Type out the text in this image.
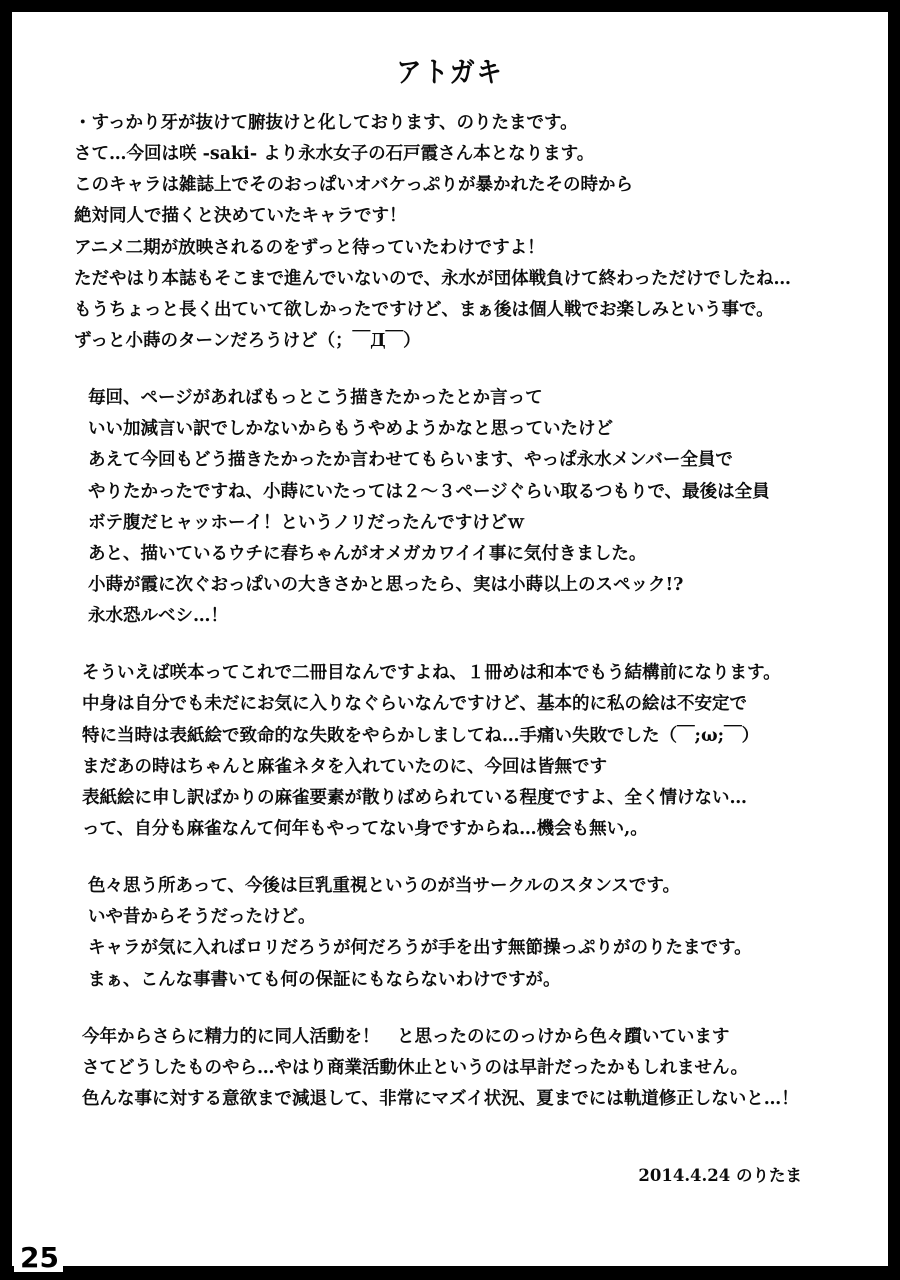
アトガキ
・すっかり牙が抜けて腑抜けと化しております、のりたまです。
さて…今回は咲 -saki- より永水女子の石戸霞さん本となります。
このキャラは雑誌上でそのおっぱいオバケっぷりが暴かれたその時から
絶対同人で描くと決めていたキャラです！
アニメ二期が放映されるのをずっと待っていたわけですよ！
ただやはり本誌もそこまで進んでいないので、永水が団体戦負けて終わっただけでしたね…
もうちょっと長く出ていて欲しかったですけど、まぁ後は個人戦でお楽しみという事で。
ずっと小蒔のターンだろうけど（；￣Д￣）
毎回、ページがあればもっとこう描きたかったとか言って
いい加減言い訳でしかないからもうやめようかなと思っていたけど
あえて今回もどう描きたかったか言わせてもらいます、やっぱ永水メンバー全員で
やりたかったですね、小蒔にいたっては２〜３ページぐらい取るつもりで、最後は全員
ボテ腹だヒャッホーイ！というノリだったんですけどｗ
あと、描いているウチに春ちゃんがオメガカワイイ事に気付きました。
小蒔が霞に次ぐおっぱいの大きさかと思ったら、実は小蒔以上のスペック!?
永水恐ルベシ…！
そういえば咲本ってこれで二冊目なんですよね、１冊めは和本でもう結構前になります。
中身は自分でも未だにお気に入りなぐらいなんですけど、基本的に私の絵は不安定で
特に当時は表紙絵で致命的な失敗をやらかしましてね…手痛い失敗でした（￣;ω;￣）
まだあの時はちゃんと麻雀ネタを入れていたのに、今回は皆無です
表紙絵に申し訳ばかりの麻雀要素が散りばめられている程度ですよ、全く情けない…
って、自分も麻雀なんて何年もやってない身ですからね…機会も無い,。
色々思う所あって、今後は巨乳重視というのが当サークルのスタンスです。
いや昔からそうだったけど。
キャラが気に入ればロリだろうが何だろうが手を出す無節操っぷりがのりたまです。
まぁ、こんな事書いても何の保証にもならないわけですが。
今年からさらに精力的に同人活動を！　と思ったのにのっけから色々躓いています
さてどうしたものやら…やはり商業活動休止というのは早計だったかもしれません。
色んな事に対する意欲まで減退して、非常にマズイ状況、夏までには軌道修正しないと…！
2014.4.24 のりたま
25
